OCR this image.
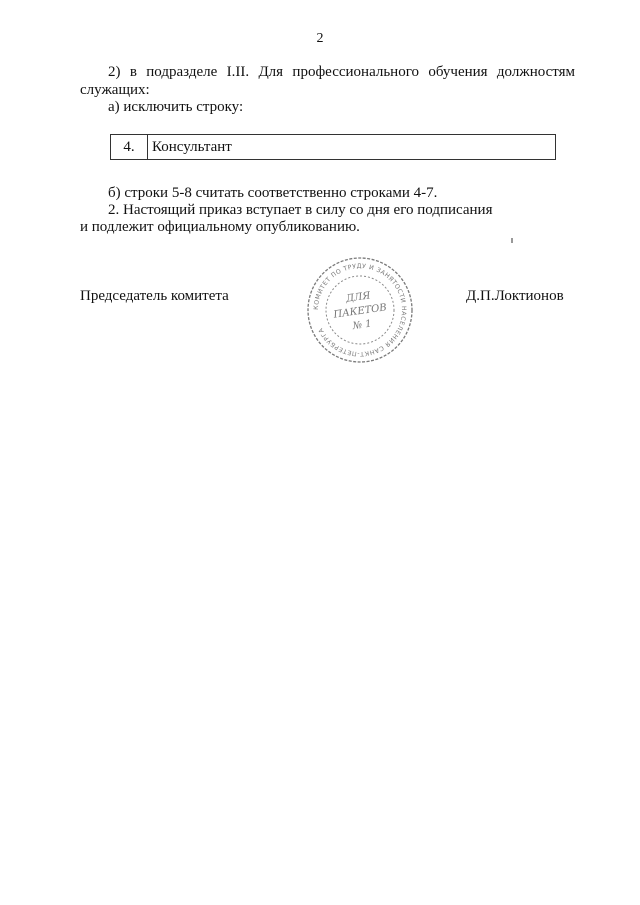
2
2) в подразделе I.II. Для профессионального обучения должностям служащих:
а) исключить строку:
4.	Консультант
б) строки 5-8 считать соответственно строками 4-7.
2. Настоящий приказ вступает в силу со дня его подписания
и подлежит официальному опубликованию.
Председатель комитета
КОМИТЕТ ПО ТРУДУ И ЗАНЯТОСТИ НАСЕЛЕНИЯ САНКТ-ПЕТЕРБУРГА
ДЛЯ
ПАКЕТОВ
№ 1
Д.П.Локтионов
